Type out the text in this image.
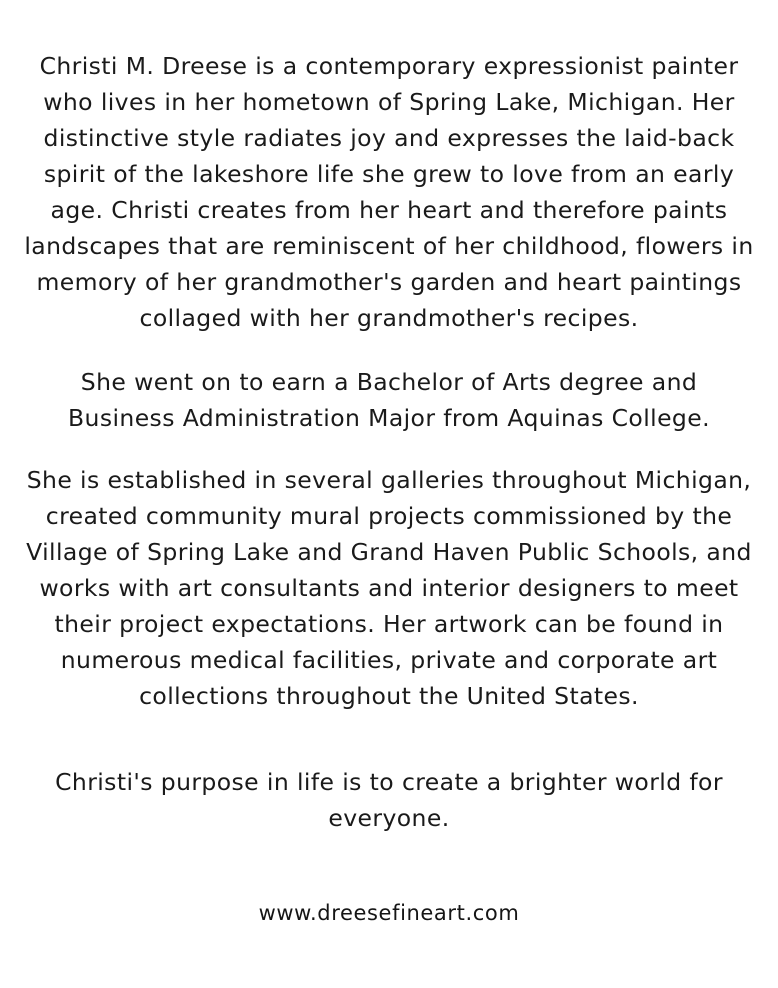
Christi M. Dreese is a contemporary expressionist painter who lives in her hometown of Spring Lake, Michigan. Her distinctive style radiates joy and expresses the laid-back spirit of the lakeshore life she grew to love from an early age. Christi creates from her heart and therefore paints landscapes that are reminiscent of her childhood, flowers in memory of her grandmother's garden and heart paintings collaged with her grandmother's recipes.

She went on to earn a Bachelor of Arts degree and Business Administration Major from Aquinas College.

She is established in several galleries throughout Michigan, created community mural projects commissioned by the Village of Spring Lake and Grand Haven Public Schools, and works with art consultants and interior designers to meet their project expectations. Her artwork can be found in numerous medical facilities, private and corporate art collections throughout the United States.

Christi's purpose in life is to create a brighter world for everyone.

www.dreesefineart.com
